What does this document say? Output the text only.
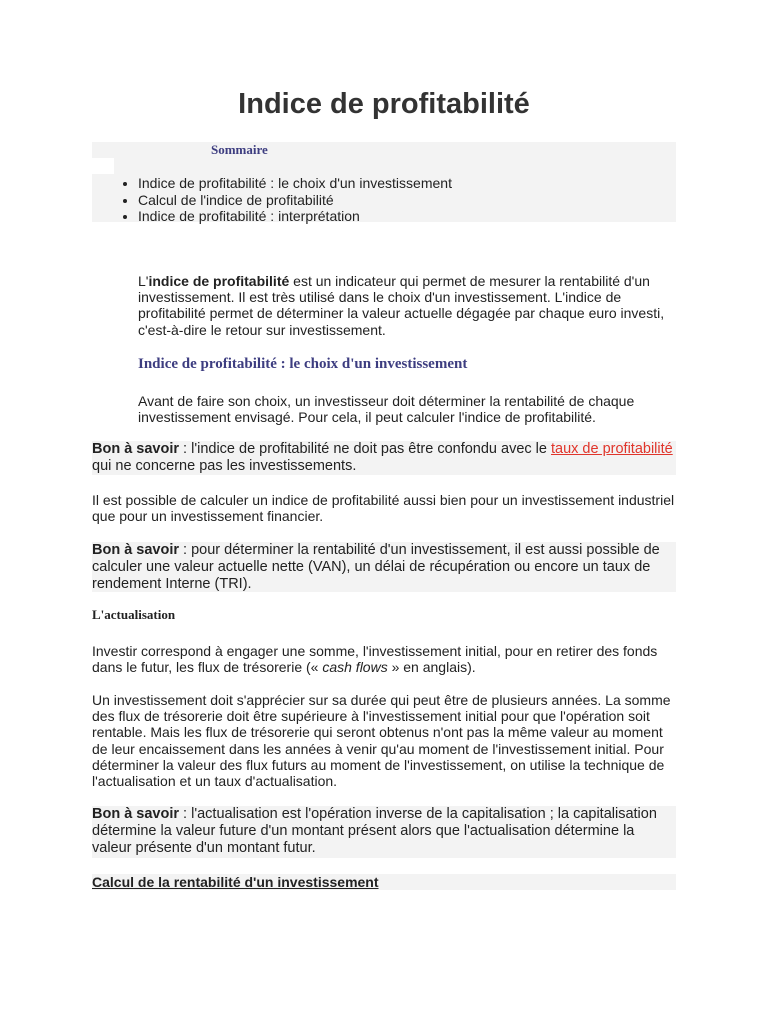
Indice de profitabilité
Sommaire
• Indice de profitabilité : le choix d'un investissement
• Calcul de l'indice de profitabilité
• Indice de profitabilité : interprétation
L'indice de profitabilité est un indicateur qui permet de mesurer la rentabilité d'un investissement. Il est très utilisé dans le choix d'un investissement. L'indice de profitabilité permet de déterminer la valeur actuelle dégagée par chaque euro investi, c'est-à-dire le retour sur investissement.
Indice de profitabilité : le choix d'un investissement
Avant de faire son choix, un investisseur doit déterminer la rentabilité de chaque investissement envisagé. Pour cela, il peut calculer l'indice de profitabilité.
Bon à savoir : l'indice de profitabilité ne doit pas être confondu avec le taux de profitabilité qui ne concerne pas les investissements.
Il est possible de calculer un indice de profitabilité aussi bien pour un investissement industriel que pour un investissement financier.
Bon à savoir : pour déterminer la rentabilité d'un investissement, il est aussi possible de calculer une valeur actuelle nette (VAN), un délai de récupération ou encore un taux de rendement Interne (TRI).
L'actualisation
Investir correspond à engager une somme, l'investissement initial, pour en retirer des fonds dans le futur, les flux de trésorerie (« cash flows » en anglais).
Un investissement doit s'apprécier sur sa durée qui peut être de plusieurs années. La somme des flux de trésorerie doit être supérieure à l'investissement initial pour que l'opération soit rentable. Mais les flux de trésorerie qui seront obtenus n'ont pas la même valeur au moment de leur encaissement dans les années à venir qu'au moment de l'investissement initial. Pour déterminer la valeur des flux futurs au moment de l'investissement, on utilise la technique de l'actualisation et un taux d'actualisation.
Bon à savoir : l'actualisation est l'opération inverse de la capitalisation ; la capitalisation détermine la valeur future d'un montant présent alors que l'actualisation détermine la valeur présente d'un montant futur.
Calcul de la rentabilité d'un investissement
